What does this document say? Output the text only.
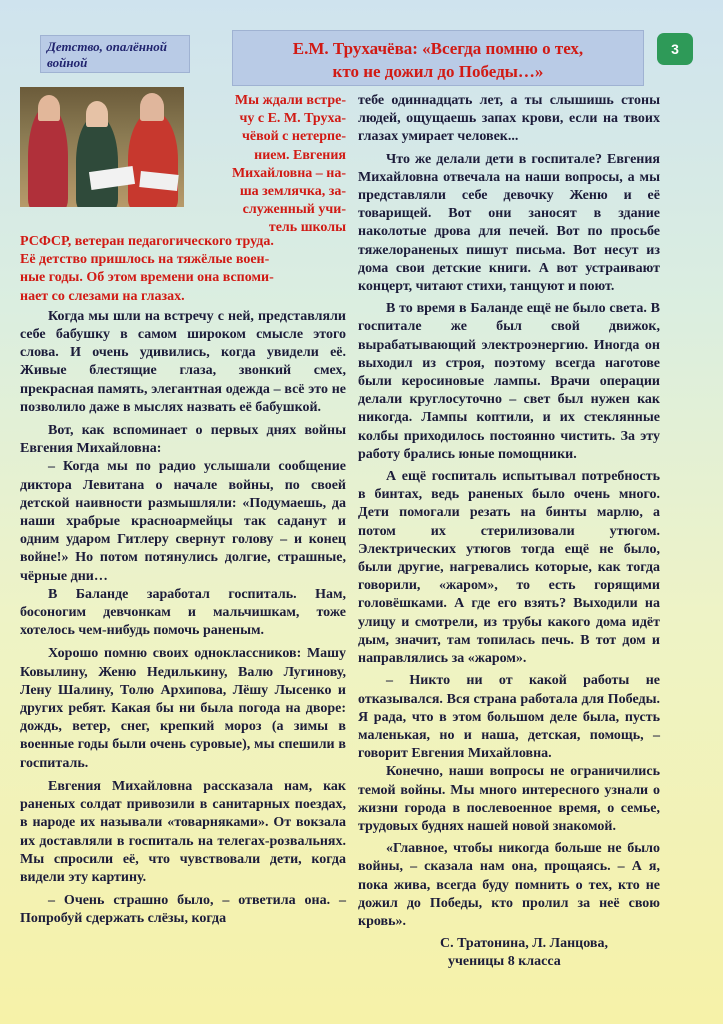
Детство, опалённой войной
Е.М. Трухачёва: «Всегда помню о тех,
кто не дожил до Победы…»
3

Мы ждали встре-

чу с Е. М. Труха-

чёвой с нетерпе-

нием. Евгения

Михайловна – на-

ша землячка, за-

служенный учи-

тель школы

РСФСР, ветеран педагогического труда.

Её детство пришлось на тяжёлые воен-

ные годы. Об этом времени она вспоми-

нает со слезами на глазах.

Когда мы шли на встречу с ней, представляли себе бабушку в самом широком смысле этого слова. И очень удивились, когда увидели её. Живые блестящие глаза, звонкий смех, прекрасная память, элегантная одежда – всё это не позволило даже в мыслях назвать её бабушкой.

Вот, как вспоминает о первых днях войны Евгения Михайловна:

– Когда мы по радио услышали сообщение диктора Левитана о начале войны, по своей детской наивности размышляли: «Подумаешь, да наши храбрые красноармейцы так саданут и одним ударом Гитлеру свернут голову – и конец войне!» Но потом потянулись долгие, страшные, чёрные дни…

В Баланде заработал госпиталь. Нам, босоногим девчонкам и мальчишкам, тоже хотелось чем-нибудь помочь раненым.

Хорошо помню своих одноклассников: Машу Ковылину, Женю Недилькину, Валю Лугинову, Лену Шалину, Толю Архипова, Лёшу Лысенко и других ребят. Какая бы ни была погода на дворе: дождь, ветер, снег, крепкий мороз (а зимы в военные годы были очень суровые), мы спешили в госпиталь.

Евгения Михайловна рассказала нам, как раненых солдат привозили в санитарных поездах, в народе их называли «товарняками». От вокзала их доставляли в госпиталь на телегах-розвальнях. Мы спросили её, что чувствовали дети, когда видели эту картину.

– Очень страшно было, – ответила она. – Попробуй сдержать слёзы, когда

тебе одиннадцать лет, а ты слышишь стоны людей, ощущаешь запах крови, если на твоих глазах умирает человек...

Что же делали дети в госпитале? Евгения Михайловна отвечала на наши вопросы, а мы представляли себе девочку Женю и её товарищей. Вот они заносят в здание наколотые дрова для печей. Вот по просьбе тяжелораненых пишут письма. Вот несут из дома свои детские книги. А вот устраивают концерт, читают стихи, танцуют и поют.

В то время в Баланде ещё не было света. В госпитале же был свой движок, вырабатывающий электроэнергию. Иногда он выходил из строя, поэтому всегда наготове были керосиновые лампы. Врачи операции делали круглосуточно – свет был нужен как никогда. Лампы коптили, и их стеклянные колбы приходилось постоянно чистить. За эту работу брались юные помощники.

А ещё госпиталь испытывал потребность в бинтах, ведь раненых было очень много. Дети помогали резать на бинты марлю, а потом их стерилизовали утюгом. Электрических утюгов тогда ещё не было, были другие, нагревались которые, как тогда говорили, «жаром», то есть горящими головёшками. А где его взять? Выходили на улицу и смотрели, из трубы какого дома идёт дым, значит, там топилась печь. В тот дом и направлялись за «жаром».

– Никто ни от какой работы не отказывался. Вся страна работала для Победы. Я рада, что в этом большом деле была, пусть маленькая, но и наша, детская, помощь, – говорит Евгения Михайловна.

Конечно, наши вопросы не ограничились темой войны. Мы много интересного узнали о жизни города в послевоенное время, о семье, трудовых буднях нашей новой знакомой.

«Главное, чтобы никогда больше не было войны, – сказала нам она, прощаясь. – А я, пока жива, всегда буду помнить о тех, кто не дожил до Победы, кто пролил за неё свою кровь».

С. Тратонина, Л. Ланцова,
ученицы 8 класса
